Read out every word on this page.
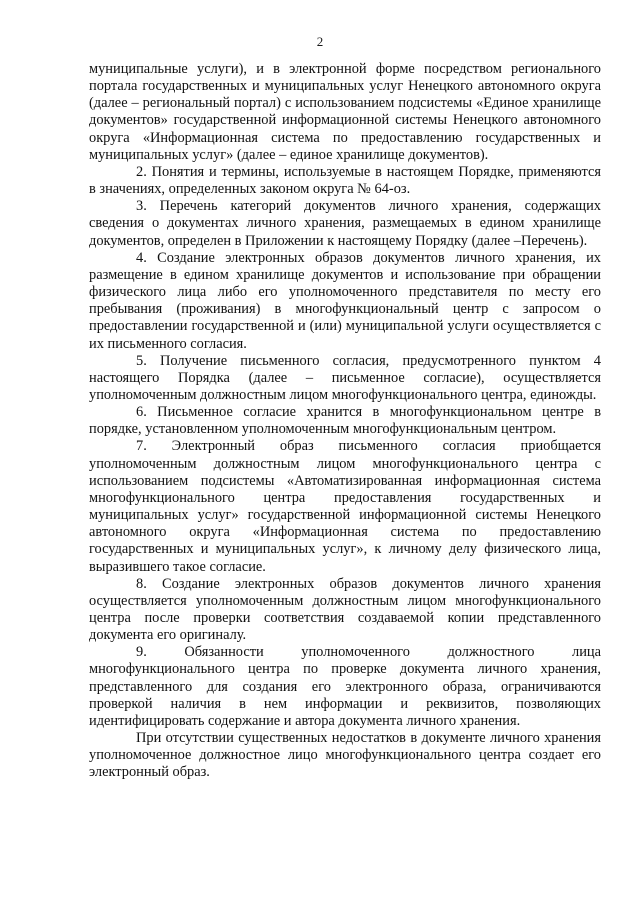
2

муниципальные услуги), и в электронной форме посредством регионального портала государственных и муниципальных услуг Ненецкого автономного округа (далее – региональный портал) с использованием подсистемы «Единое хранилище документов» государственной информационной системы Ненецкого автономного округа «Информационная система по предоставлению государственных и муниципальных услуг» (далее – единое хранилище документов).

2. Понятия и термины, используемые в настоящем Порядке, применяются в значениях, определенных законом округа № 64-оз.

3. Перечень категорий документов личного хранения, содержащих сведения о документах личного хранения, размещаемых в едином хранилище документов, определен в Приложении к настоящему Порядку (далее –Перечень).

4. Создание электронных образов документов личного хранения, их размещение в едином хранилище документов и использование при обращении физического лица либо его уполномоченного представителя по месту его пребывания (проживания) в многофункциональный центр с запросом о предоставлении государственной и (или) муниципальной услуги осуществляется с их письменного согласия.

5. Получение письменного согласия, предусмотренного пунктом 4 настоящего Порядка (далее – письменное согласие), осуществляется уполномоченным должностным лицом многофункционального центра, единожды.

6. Письменное согласие хранится в многофункциональном центре в порядке, установленном уполномоченным многофункциональным центром.

7. Электронный образ письменного согласия приобщается уполномоченным должностным лицом многофункционального центра с использованием подсистемы «Автоматизированная информационная система многофункционального центра предоставления государственных и муниципальных услуг» государственной информационной системы Ненецкого автономного округа «Информационная система по предоставлению государственных и муниципальных услуг», к личному делу физического лица, выразившего такое согласие.

8. Создание электронных образов документов личного хранения осуществляется уполномоченным должностным лицом многофункционального центра после проверки соответствия создаваемой копии представленного документа его оригиналу.

9. Обязанности уполномоченного должностного лица многофункционального центра по проверке документа личного хранения, представленного для создания его электронного образа, ограничиваются проверкой наличия в нем информации и реквизитов, позволяющих идентифицировать содержание и автора документа личного хранения.

При отсутствии существенных недостатков в документе личного хранения уполномоченное должностное лицо многофункционального центра создает его электронный образ.
